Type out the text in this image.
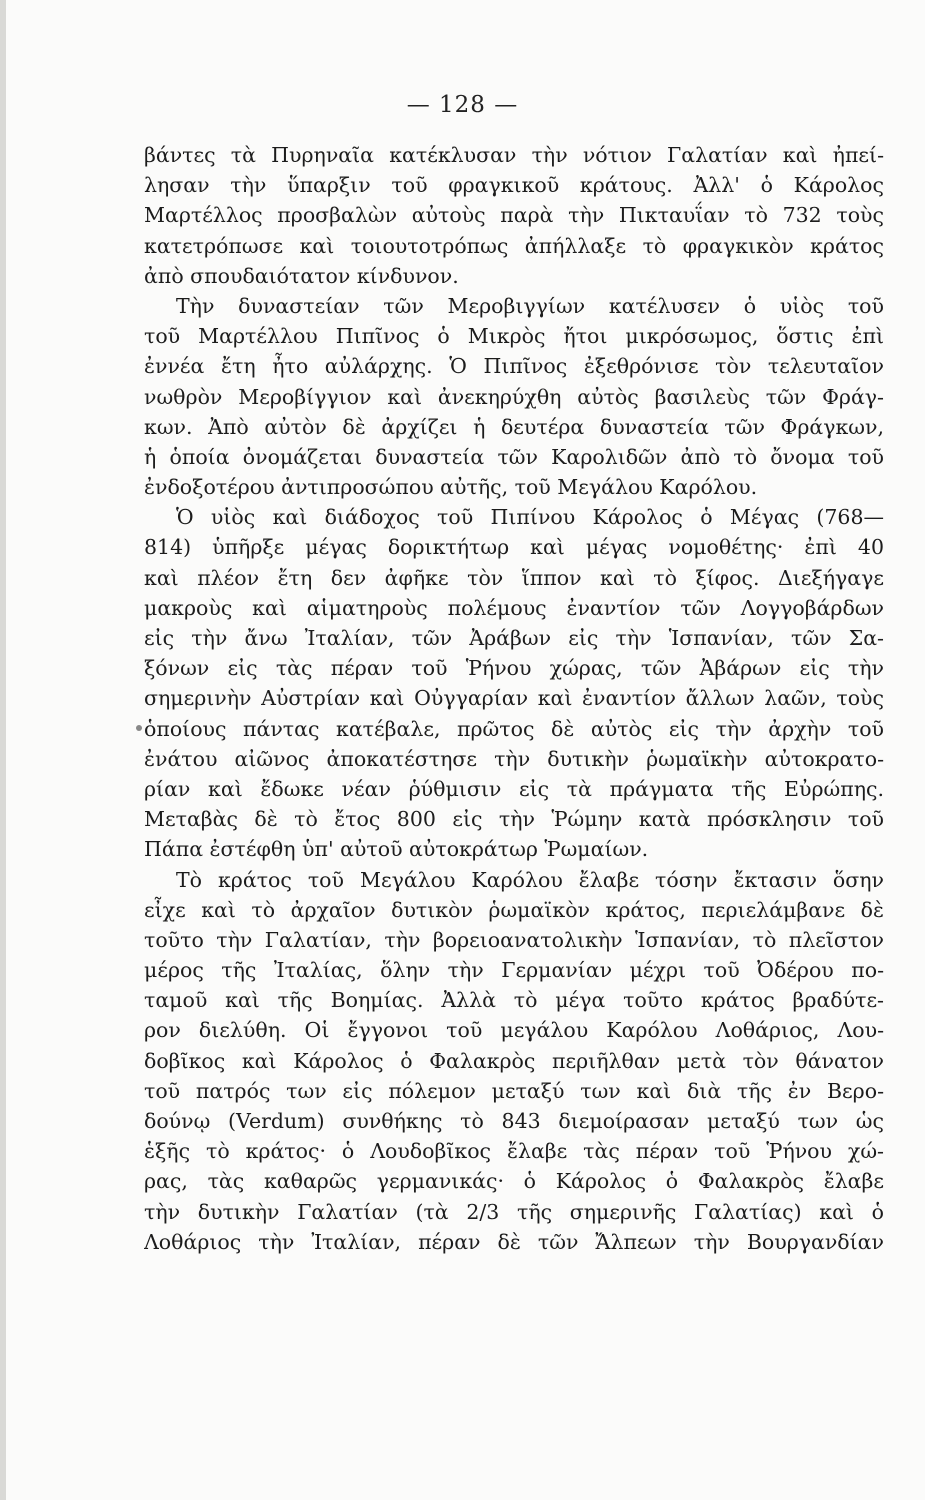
— 128 —
βάντες τὰ Πυρηναῖα κατέκλυσαν τὴν νότιον Γαλατίαν καὶ ἠπεί-
λησαν τὴν ὕπαρξιν τοῦ φραγκικοῦ κράτους. Ἀλλ' ὁ Κάρολος
Μαρτέλλος προσβαλὼν αὐτοὺς παρὰ τὴν Πικταυΐαν τὸ 732 τοὺς
κατετρόπωσε καὶ τοιουτοτρόπως ἀπήλλαξε τὸ φραγκικὸν κράτος
ἀπὸ σπουδαιότατον κίνδυνον.
Τὴν δυναστείαν τῶν Μεροβιγγίων κατέλυσεν ὁ υἱὸς τοῦ
τοῦ Μαρτέλλου Πιπῖνος ὁ Μικρὸς ἤτοι μικρόσωμος, ὅστις ἐπὶ
ἐννέα ἔτη ἦτο αὐλάρχης. Ὁ Πιπῖνος ἐξεθρόνισε τὸν τελευταῖον
νωθρὸν Μεροβίγγιον καὶ ἀνεκηρύχθη αὐτὸς βασιλεὺς τῶν Φράγ-
κων. Ἀπὸ αὐτὸν δὲ ἀρχίζει ἡ δευτέρα δυναστεία τῶν Φράγκων,
ἡ ὁποία ὀνομάζεται δυναστεία τῶν Καρολιδῶν ἀπὸ τὸ ὄνομα τοῦ
ἐνδοξοτέρου ἀντιπροσώπου αὐτῆς, τοῦ Μεγάλου Καρόλου.
Ὁ υἱὸς καὶ διάδοχος τοῦ Πιπίνου Κάρολος ὁ Μέγας (768—
814) ὑπῆρξε μέγας δορικτήτωρ καὶ μέγας νομοθέτης· ἐπὶ 40
καὶ πλέον ἔτη δεν ἀφῆκε τὸν ἵππον καὶ τὸ ξίφος. Διεξήγαγε
μακροὺς καὶ αἱματηροὺς πολέμους ἐναντίον τῶν Λογγοβάρδων
εἰς τὴν ἄνω Ἰταλίαν, τῶν Ἀράβων εἰς τὴν Ἱσπανίαν, τῶν Σα-
ξόνων εἰς τὰς πέραν τοῦ Ῥήνου χώρας, τῶν Ἀβάρων εἰς τὴν
σημερινὴν Αὐστρίαν καὶ Οὐγγαρίαν καὶ ἐναντίον ἄλλων λαῶν, τοὺς
ὁποίους πάντας κατέβαλε, πρῶτος δὲ αὐτὸς εἰς τὴν ἀρχὴν τοῦ
ἐνάτου αἰῶνος ἀποκατέστησε τὴν δυτικὴν ῥωμαϊκὴν αὐτοκρατο-
ρίαν καὶ ἔδωκε νέαν ῥύθμισιν εἰς τὰ πράγματα τῆς Εὐρώπης.
Μεταβὰς δὲ τὸ ἔτος 800 εἰς τὴν Ῥώμην κατὰ πρόσκλησιν τοῦ
Πάπα ἐστέφθη ὑπ' αὐτοῦ αὐτοκράτωρ Ῥωμαίων.
Τὸ κράτος τοῦ Μεγάλου Καρόλου ἔλαβε τόσην ἔκτασιν ὅσην
εἶχε καὶ τὸ ἀρχαῖον δυτικὸν ῥωμαϊκὸν κράτος, περιελάμβανε δὲ
τοῦτο τὴν Γαλατίαν, τὴν βορειοανατολικὴν Ἱσπανίαν, τὸ πλεῖστον
μέρος τῆς Ἰταλίας, ὅλην τὴν Γερμανίαν μέχρι τοῦ Ὀδέρου πο-
ταμοῦ καὶ τῆς Βοημίας. Ἀλλὰ τὸ μέγα τοῦτο κράτος βραδύτε-
ρον διελύθη. Οἱ ἔγγονοι τοῦ μεγάλου Καρόλου Λοθάριος, Λου-
δοβῖκος καὶ Κάρολος ὁ Φαλακρὸς περιῆλθαν μετὰ τὸν θάνατον
τοῦ πατρός των εἰς πόλεμον μεταξύ των καὶ διὰ τῆς ἐν Βερο-
δούνῳ (Verdum) συνθήκης τὸ 843 διεμοίρασαν μεταξύ των ὡς
ἑξῆς τὸ κράτος· ὁ Λουδοβῖκος ἔλαβε τὰς πέραν τοῦ Ῥήνου χώ-
ρας, τὰς καθαρῶς γερμανικάς· ὁ Κάρολος ὁ Φαλακρὸς ἔλαβε
τὴν δυτικὴν Γαλατίαν (τὰ 2/3 τῆς σημερινῆς Γαλατίας) καὶ ὁ
Λοθάριος τὴν Ἰταλίαν, πέραν δὲ τῶν Ἄλπεων τὴν Βουργανδίαν
